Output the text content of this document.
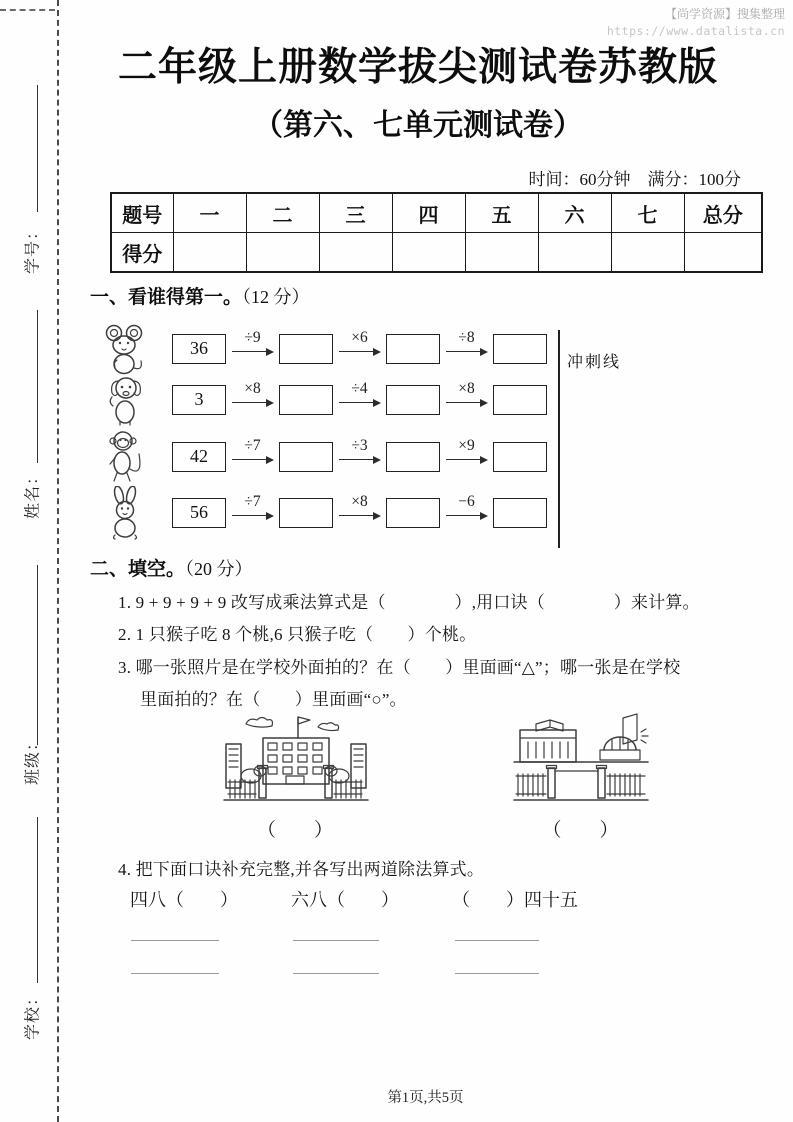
学号：
姓名：
班级：
学校：
【尚学资源】搜集整理
https://www.datalista.cn
二年级上册数学拔尖测试卷苏教版
（第六、七单元测试卷）
时间：60分钟　满分：100分
题号	一	二	三	四	五	六	七	总分
得分								
一、看谁得第一。（12 分）
36
÷9	×6	÷8
3
×8	÷4	×8
42
÷7	÷3	×9
56
÷7	×8	−6
冲刺线
二、填空。（20 分）
1. 9 + 9 + 9 + 9 改写成乘法算式是（　　　　）,用口诀（　　　　）来计算。
2. 1 只猴子吃 8 个桃,6 只猴子吃（　　）个桃。
3. 哪一张照片是在学校外面拍的？在（　　）里面画“△”；哪一张是在学校
里面拍的？在（　　）里面画“○”。
（　　）	（　　）
4. 把下面口诀补充完整,并各写出两道除法算式。
四八（　　）	六八（　　）	（　　）四十五
第1页,共5页
